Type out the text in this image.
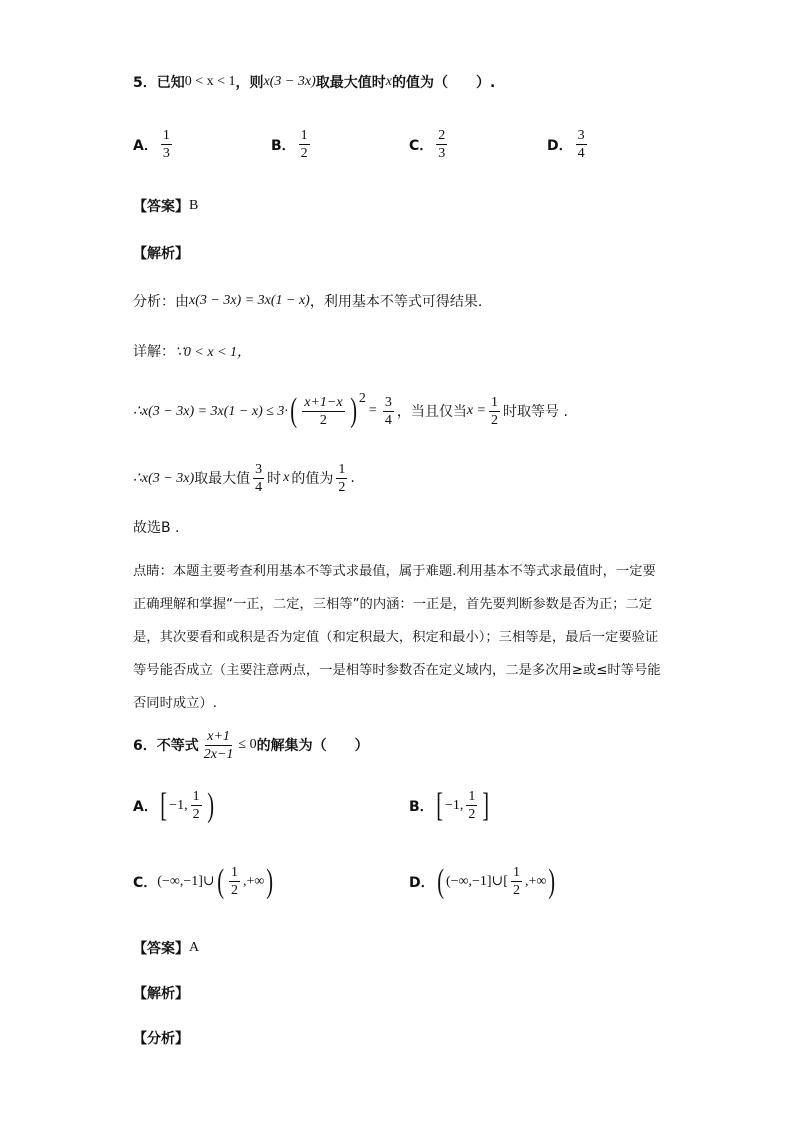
5． 已知 0 < x < 1 ，则 x(3 − 3x) 取最大值时 x 的值为（　　）.
A． $\frac{1}{3}$	B． $\frac{1}{2}$	C． $\frac{2}{3}$	D． $\frac{3}{4}$
【答案】 B
【解析】
分析：由 x(3 − 3x) = 3x(1 − x) ，利用基本不等式可得结果.
详解： ∵0 < x < 1，
∴x(3 − 3x) = 3x(1 − x) ≤ 3· ( $\frac{x+1-x}{2}$ ) 2
= $\frac{3}{4}$ ，当且仅当 $x = \frac{1}{2}$ 时取等号 .
∴x(3 − 3x) 取最大值 $\frac{3}{4}$ 时 x 的值为 $\frac{1}{2}$ .
故选B .
点睛：本题主要考查利用基本不等式求最值，属于难题.利用基本不等式求最值时，一定要正确理解和掌握“一正，二定，三相等”的内涵：一正是，首先要判断参数是否为正；二定是，其次要看和或积是否为定值（和定积最大，积定和最小）；三相等是，最后一定要验证等号能否成立（主要注意两点，一是相等时参数否在定义域内，二是多次用≥或≤时等号能否同时成立）.
6． 不等式 $\frac{x+1}{2x-1} \le 0$ 的解集为（　　）
A． [ −1, $\frac{1}{2}$ )	B． [ −1, $\frac{1}{2}$ ]
C． (−∞,−1]∪ ( $\frac{1}{2}$ ,+∞ )	D． ( (−∞,−1]∪[ $\frac{1}{2}$ ,+∞ )
【答案】 A
【解析】
【分析】
